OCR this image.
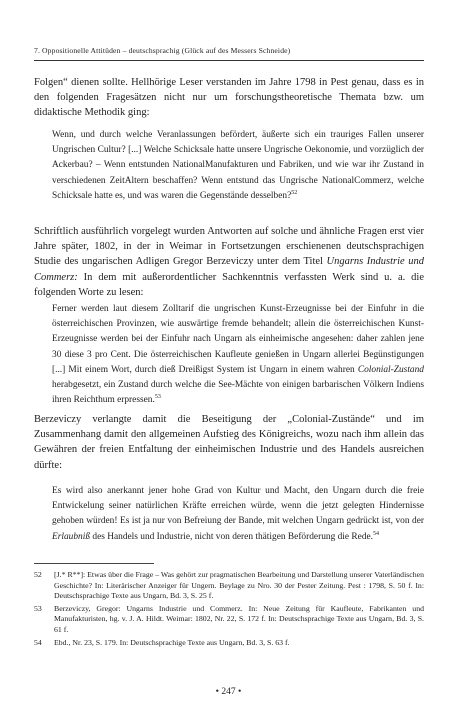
7. Oppositionelle Attitüden – deutschsprachig (Glück auf des Messers Schneide)

Folgen“ dienen sollte. Hellhörige Leser verstanden im Jahre 1798 in Pest genau, dass es in den folgenden Fragesätzen nicht nur um forschungstheoretische Themata bzw. um didaktische Methodik ging:

Wenn, und durch welche Veranlassungen befördert, äußerte sich ein trauriges Fallen unserer Ungrischen Cultur? [...] Welche Schicksale hatte unsere Ungrische Oekonomie, und vorzüglich der Ackerbau? – Wenn entstunden NationalManufakturen und Fabriken, und wie war ihr Zustand in verschiedenen ZeitAltern beschaffen? Wenn entstund das Ungrische NationalCommerz, welche Schicksale hatte es, und was waren die Gegenstände desselben?$^{52}$

Schriftlich ausführlich vorgelegt wurden Antworten auf solche und ähnliche Fragen erst vier Jahre später, 1802, in der in Weimar in Fortsetzungen erschienenen deutschsprachigen Studie des ungarischen Adligen Gregor Berzeviczy unter dem Titel Ungarns Industrie und Commerz: In dem mit außerordentlicher Sachkenntnis verfassten Werk sind u. a. die folgenden Worte zu lesen:

Ferner werden laut diesem Zolltarif die ungrischen Kunst-Erzeugnisse bei der Einfuhr in die österreichischen Provinzen, wie auswärtige fremde behandelt; allein die österreichischen Kunst-Erzeugnisse werden bei der Einfuhr nach Ungarn als einheimische angesehen: daher zahlen jene 30 diese 3 pro Cent. Die österreichischen Kaufleute genießen in Ungarn allerlei Begünstigungen [...] Mit einem Wort, durch dieß Dreißigst System ist Ungarn in einem wahren Colonial-Zustand herabgesetzt, ein Zustand durch welche die See-Mächte von einigen barbarischen Völkern Indiens ihren Reichthum erpressen.$^{53}$

Berzeviczy verlangte damit die Beseitigung der „Colonial-Zustände“ und im Zusammenhang damit den allgemeinen Aufstieg des Königreichs, wozu nach ihm allein das Gewähren der freien Entfaltung der einheimischen Industrie und des Handels ausreichen dürfte:

Es wird also anerkannt jener hohe Grad von Kultur und Macht, den Ungarn durch die freie Entwickelung seiner natürlichen Kräfte erreichen würde, wenn die jetzt gelegten Hindernisse gehoben würden! Es ist ja nur von Befreiung der Bande, mit welchen Ungarn gedrückt ist, von der Erlaubniß des Handels und Industrie, nicht von deren thätigen Beförderung die Rede.$^{54}$

52 [J.* R**]: Etwas über die Frage – Was gehört zur pragmatischen Bearbeitung und Darstellung unserer Vaterländischen Geschichte? In: Literärischer Anzeiger für Ungern. Beylage zu Nro. 30 der Pester Zeitung. Pest : 1798, S. 50 f. In: Deutschsprachige Texte aus Ungarn, Bd. 3, S. 25 f.

53 Berzeviczy, Gregor: Ungarns Industrie und Commerz. In: Neue Zeitung für Kaufleute, Fabrikanten und Manufakturisten, hg. v. J. A. Hildt. Weimar: 1802, Nr. 22, S. 172 f. In: Deutschsprachige Texte aus Ungarn, Bd. 3, S. 61 f.

54 Ebd., Nr. 23, S. 179. In: Deutschsprachige Texte aus Ungarn, Bd. 3, S. 63 f.

• 247 •
